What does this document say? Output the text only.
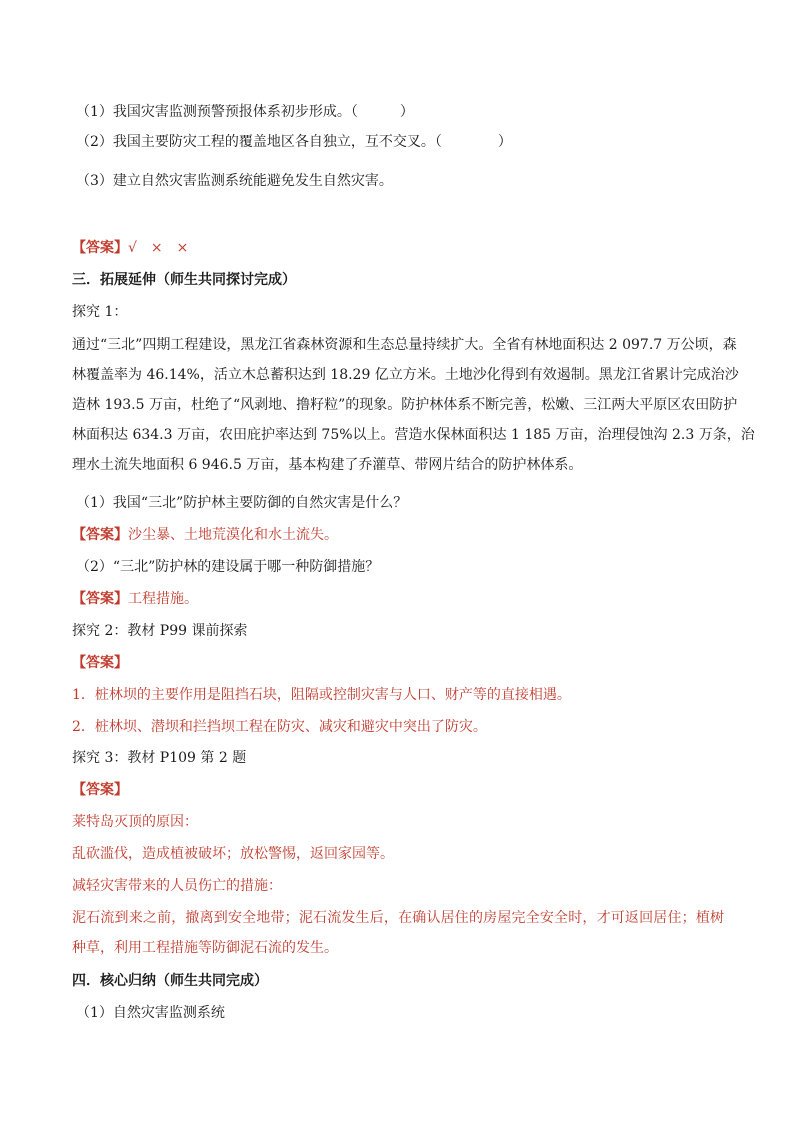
（1）我国灾害监测预警预报体系初步形成。（　　　）
（2）我国主要防灾工程的覆盖地区各自独立，互不交叉。（　　　　）
（3）建立自然灾害监测系统能避免发生自然灾害。
【答案】√　×　×
三．拓展延伸（师生共同探讨完成）
探究 1：
通过“三北”四期工程建设，黑龙江省森林资源和生态总量持续扩大。全省有林地面积达 2 097.7 万公顷，森
林覆盖率为 46.14%，活立木总蓄积达到 18.29 亿立方米。土地沙化得到有效遏制。黑龙江省累计完成治沙
造林 193.5 万亩，杜绝了“风剥地、撸籽粒”的现象。防护林体系不断完善，松嫩、三江两大平原区农田防护
林面积达 634.3 万亩，农田庇护率达到 75%以上。营造水保林面积达 1 185 万亩，治理侵蚀沟 2.3 万条，治
理水土流失地面积 6 946.5 万亩，基本构建了乔灌草、带网片结合的防护林体系。
（1）我国“三北”防护林主要防御的自然灾害是什么？
【答案】沙尘暴、土地荒漠化和水土流失。
（2）“三北”防护林的建设属于哪一种防御措施？
【答案】工程措施。
探究 2：教材 P99 课前探索
【答案】
1．桩林坝的主要作用是阻挡石块，阻隔或控制灾害与人口、财产等的直接相遇。
2．桩林坝、潜坝和拦挡坝工程在防灾、减灾和避灾中突出了防灾。
探究 3：教材 P109 第 2 题
【答案】
莱特岛灭顶的原因：
乱砍滥伐，造成植被破坏；放松警惕，返回家园等。
减轻灾害带来的人员伤亡的措施：
泥石流到来之前，撤离到安全地带；泥石流发生后，在确认居住的房屋完全安全时，才可返回居住；植树
种草，利用工程措施等防御泥石流的发生。
四．核心归纳（师生共同完成）
（1）自然灾害监测系统
